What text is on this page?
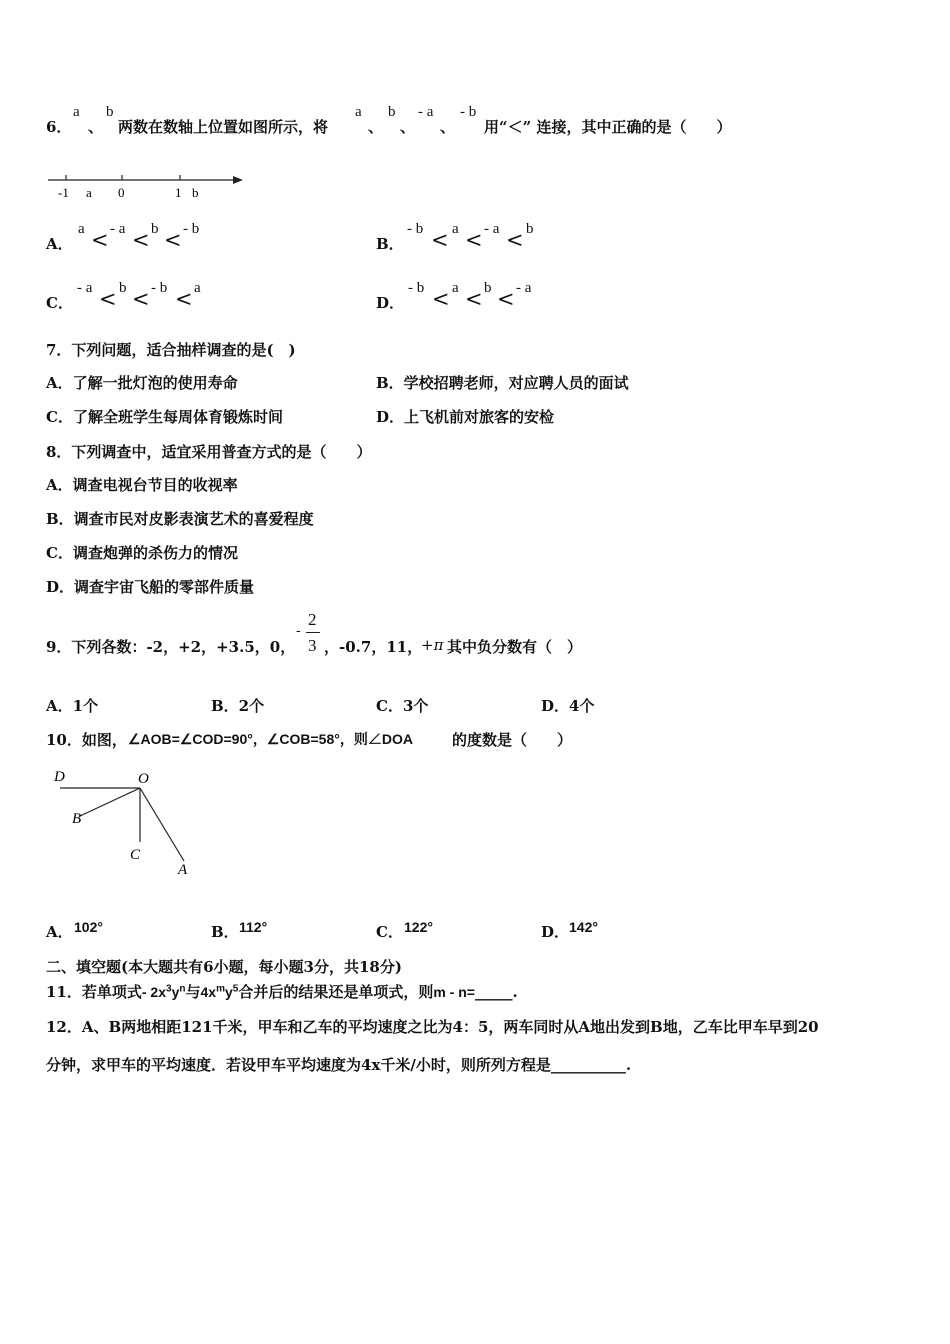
6．
a
、
b
两数在数轴上位置如图所示，将
a
、
b
、
- a
、
- b
用“＜” 连接，其中正确的是（　　）
-1 a 0	1 b
A．
a < - a < b < - b
B．
- b < a < - a < b
C．
- a < b < - b < a
D．
- b < a < b < - a
7．下列问题，适合抽样调查的是(　)
A．了解一批灯泡的使用寿命	B．学校招聘老师，对应聘人员的面试
C．了解全班学生每周体育锻炼时间	D．上飞机前对旅客的安检
8．下列调查中，适宜采用普查方式的是（　　）
A．调查电视台节目的收视率
B．调查市民对皮影表演艺术的喜爱程度
C．调查炮弹的杀伤力的情况
D．调查宇宙飞船的零部件质量
9．下列各数：-2，+2，+3.5，0，
-
2
3 ，-0.7，11，
+π 其中负分数有（　）
A．1个	B．2个	C．3个	D．4个
10．如图， ∠AOB=∠COD=90°，∠COB=58°，则∠DOA	的度数是（　　）
D	O
B
C
A
A． 102°	B． 112°	C． 122°	D． 142°
二、填空题(本大题共有6小题，每小题3分，共18分)
11．若单项式- $2x^3y^n$与$4x^my^5$合并后的结果还是单项式，则m - n=_____.
12．A、B两地相距121千米，甲车和乙车的平均速度之比为4：5，两车同时从A地出发到B地，乙车比甲车早到20
分钟，求甲车的平均速度．若设甲车平均速度为4x千米/小时，则所列方程是__________.
